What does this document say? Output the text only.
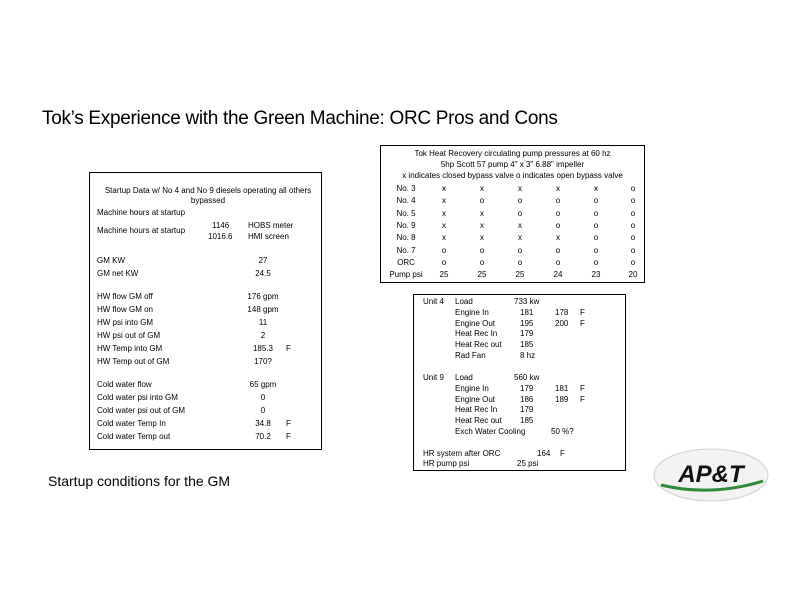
Tok’s Experience with the Green Machine: ORC Pros and Cons
Startup Data w/ No 4 and No 9 diesels operating all others
bypassed
Machine hours at startup
1146 HOBS meter
Machine hours at startup
1016.6 HMI screen
GM KW	27
GM net KW	24.5
HW flow GM off	176 gpm
HW flow GM on	148 gpm
HW psi into GM	11
HW psi out of GM	2
HW Temp into GM	185.3 F
HW Temp out of GM	170?
Cold water flow	65 gpm
Cold water psi into GM	0
Cold water psi out of GM	0
Cold water Temp In	34.8 F
Cold water Temp out	70.2 F
Tok Heat Recovery circulating pump pressures at 60 hz
5hp Scott 57 pump 4" x 3" 6.88" impeller
x indicates closed bypass valve o indicates open bypass valve
No. 3	x	x	x	x	x	o
No. 4	x	o	o	o	o	o
No. 5	x	x	o	o	o	o
No. 9	x	x	x	o	o	o
No. 8	x	x	x	x	o	o
No. 7	o	o	o	o	o	o
ORC	o	o	o	o	o	o
Pump psi	25	25	25	24	23	20
Unit 4 Load	733 kw
Engine In	181	178 F
Engine Out	195	200 F
Heat Rec In	179
Heat Rec out 185
Rad Fan	8 hz
Unit 9 Load	560 kw
Engine In	179	181 F
Engine Out	186	189 F
Heat Rec In	179
Heat Rec out 185
Exch Water Cooling	50 %?
HR system after ORC	164 F
HR pump psi	25 psi
Startup conditions for the GM	AP&T
